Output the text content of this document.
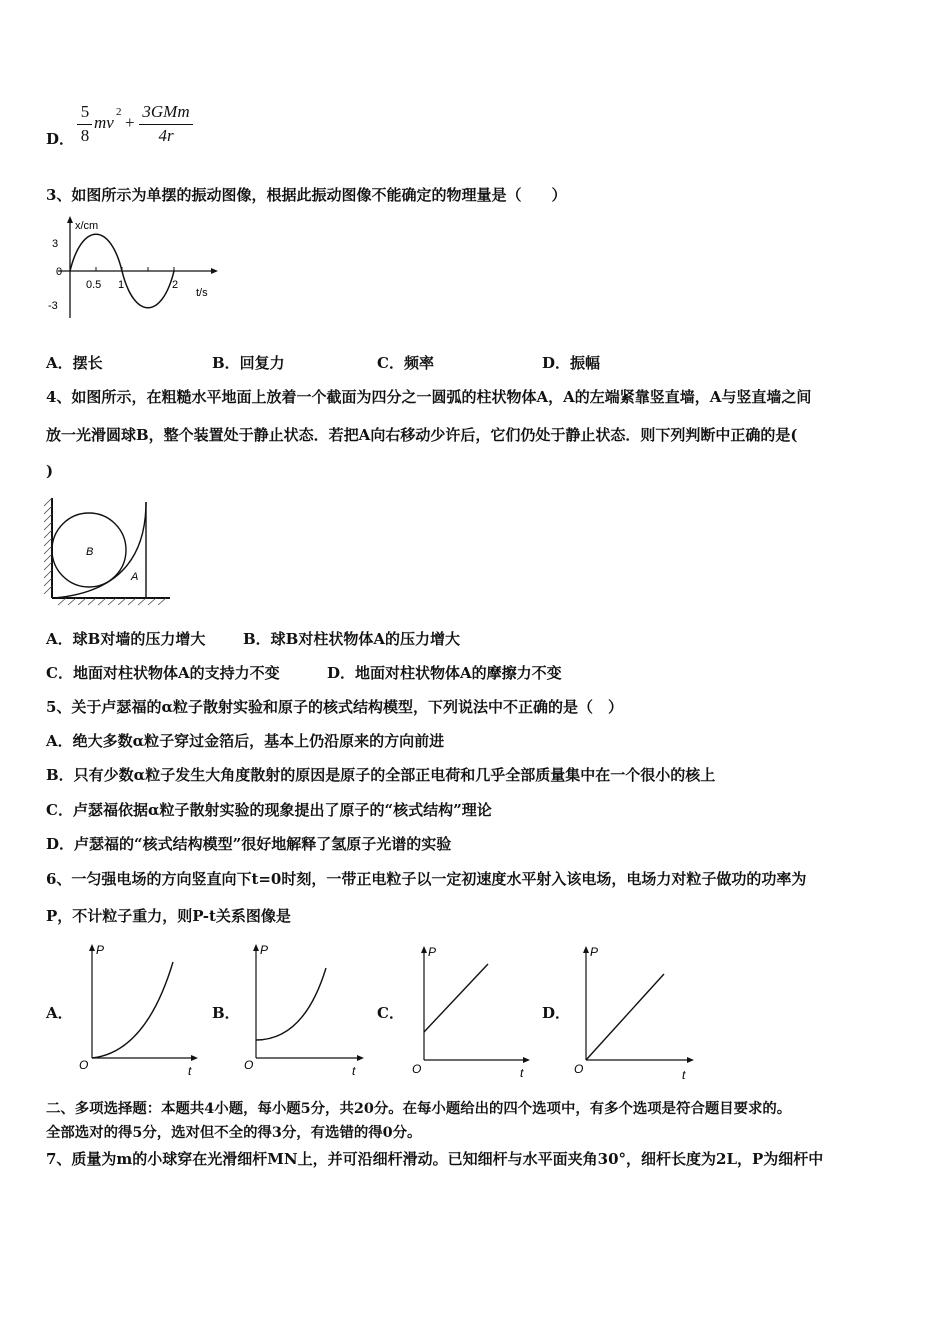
D．
5
8
mv
2
+
3GMm
4r
3、如图所示为单摆的振动图像，根据此振动图像不能确定的物理量是（　　）
x/cm
t/s
3
0
-3
0.5 1	2
A．摆长	B．回复力	C．频率	D．振幅
4、如图所示，在粗糙水平地面上放着一个截面为四分之一圆弧的柱状物体A，A的左端紧靠竖直墙，A与竖直墙之间
放一光滑圆球B，整个装置处于静止状态．若把A向右移动少许后，它们仍处于静止状态．则下列判断中正确的是(
)
B
A
A．球B对墙的压力增大	B．球B对柱状物体A的压力增大
C．地面对柱状物体A的支持力不变	D．地面对柱状物体A的摩擦力不变
5、关于卢瑟福的α粒子散射实验和原子的核式结构模型，下列说法中不正确的是（　）
A．绝大多数α粒子穿过金箔后，基本上仍沿原来的方向前进
B．只有少数α粒子发生大角度散射的原因是原子的全部正电荷和几乎全部质量集中在一个很小的核上
C．卢瑟福依据α粒子散射实验的现象提出了原子的“核式结构”理论
D．卢瑟福的“核式结构模型”很好地解释了氢原子光谱的实验
6、一匀强电场的方向竖直向下t=0时刻，一带正电粒子以一定初速度水平射入该电场，电场力对粒子做功的功率为
P，不计粒子重力，则P-t关系图像是
A．
P
t
O
B．
P
t
O
C．
P
t
O
D．
P
t
O
二、多项选择题：本题共4小题，每小题5分，共20分。在每小题给出的四个选项中，有多个选项是符合题目要求的。
全部选对的得5分，选对但不全的得3分，有选错的得0分。
7、质量为m的小球穿在光滑细杆MN上，并可沿细杆滑动。已知细杆与水平面夹角30°，细杆长度为2L，P为细杆中
